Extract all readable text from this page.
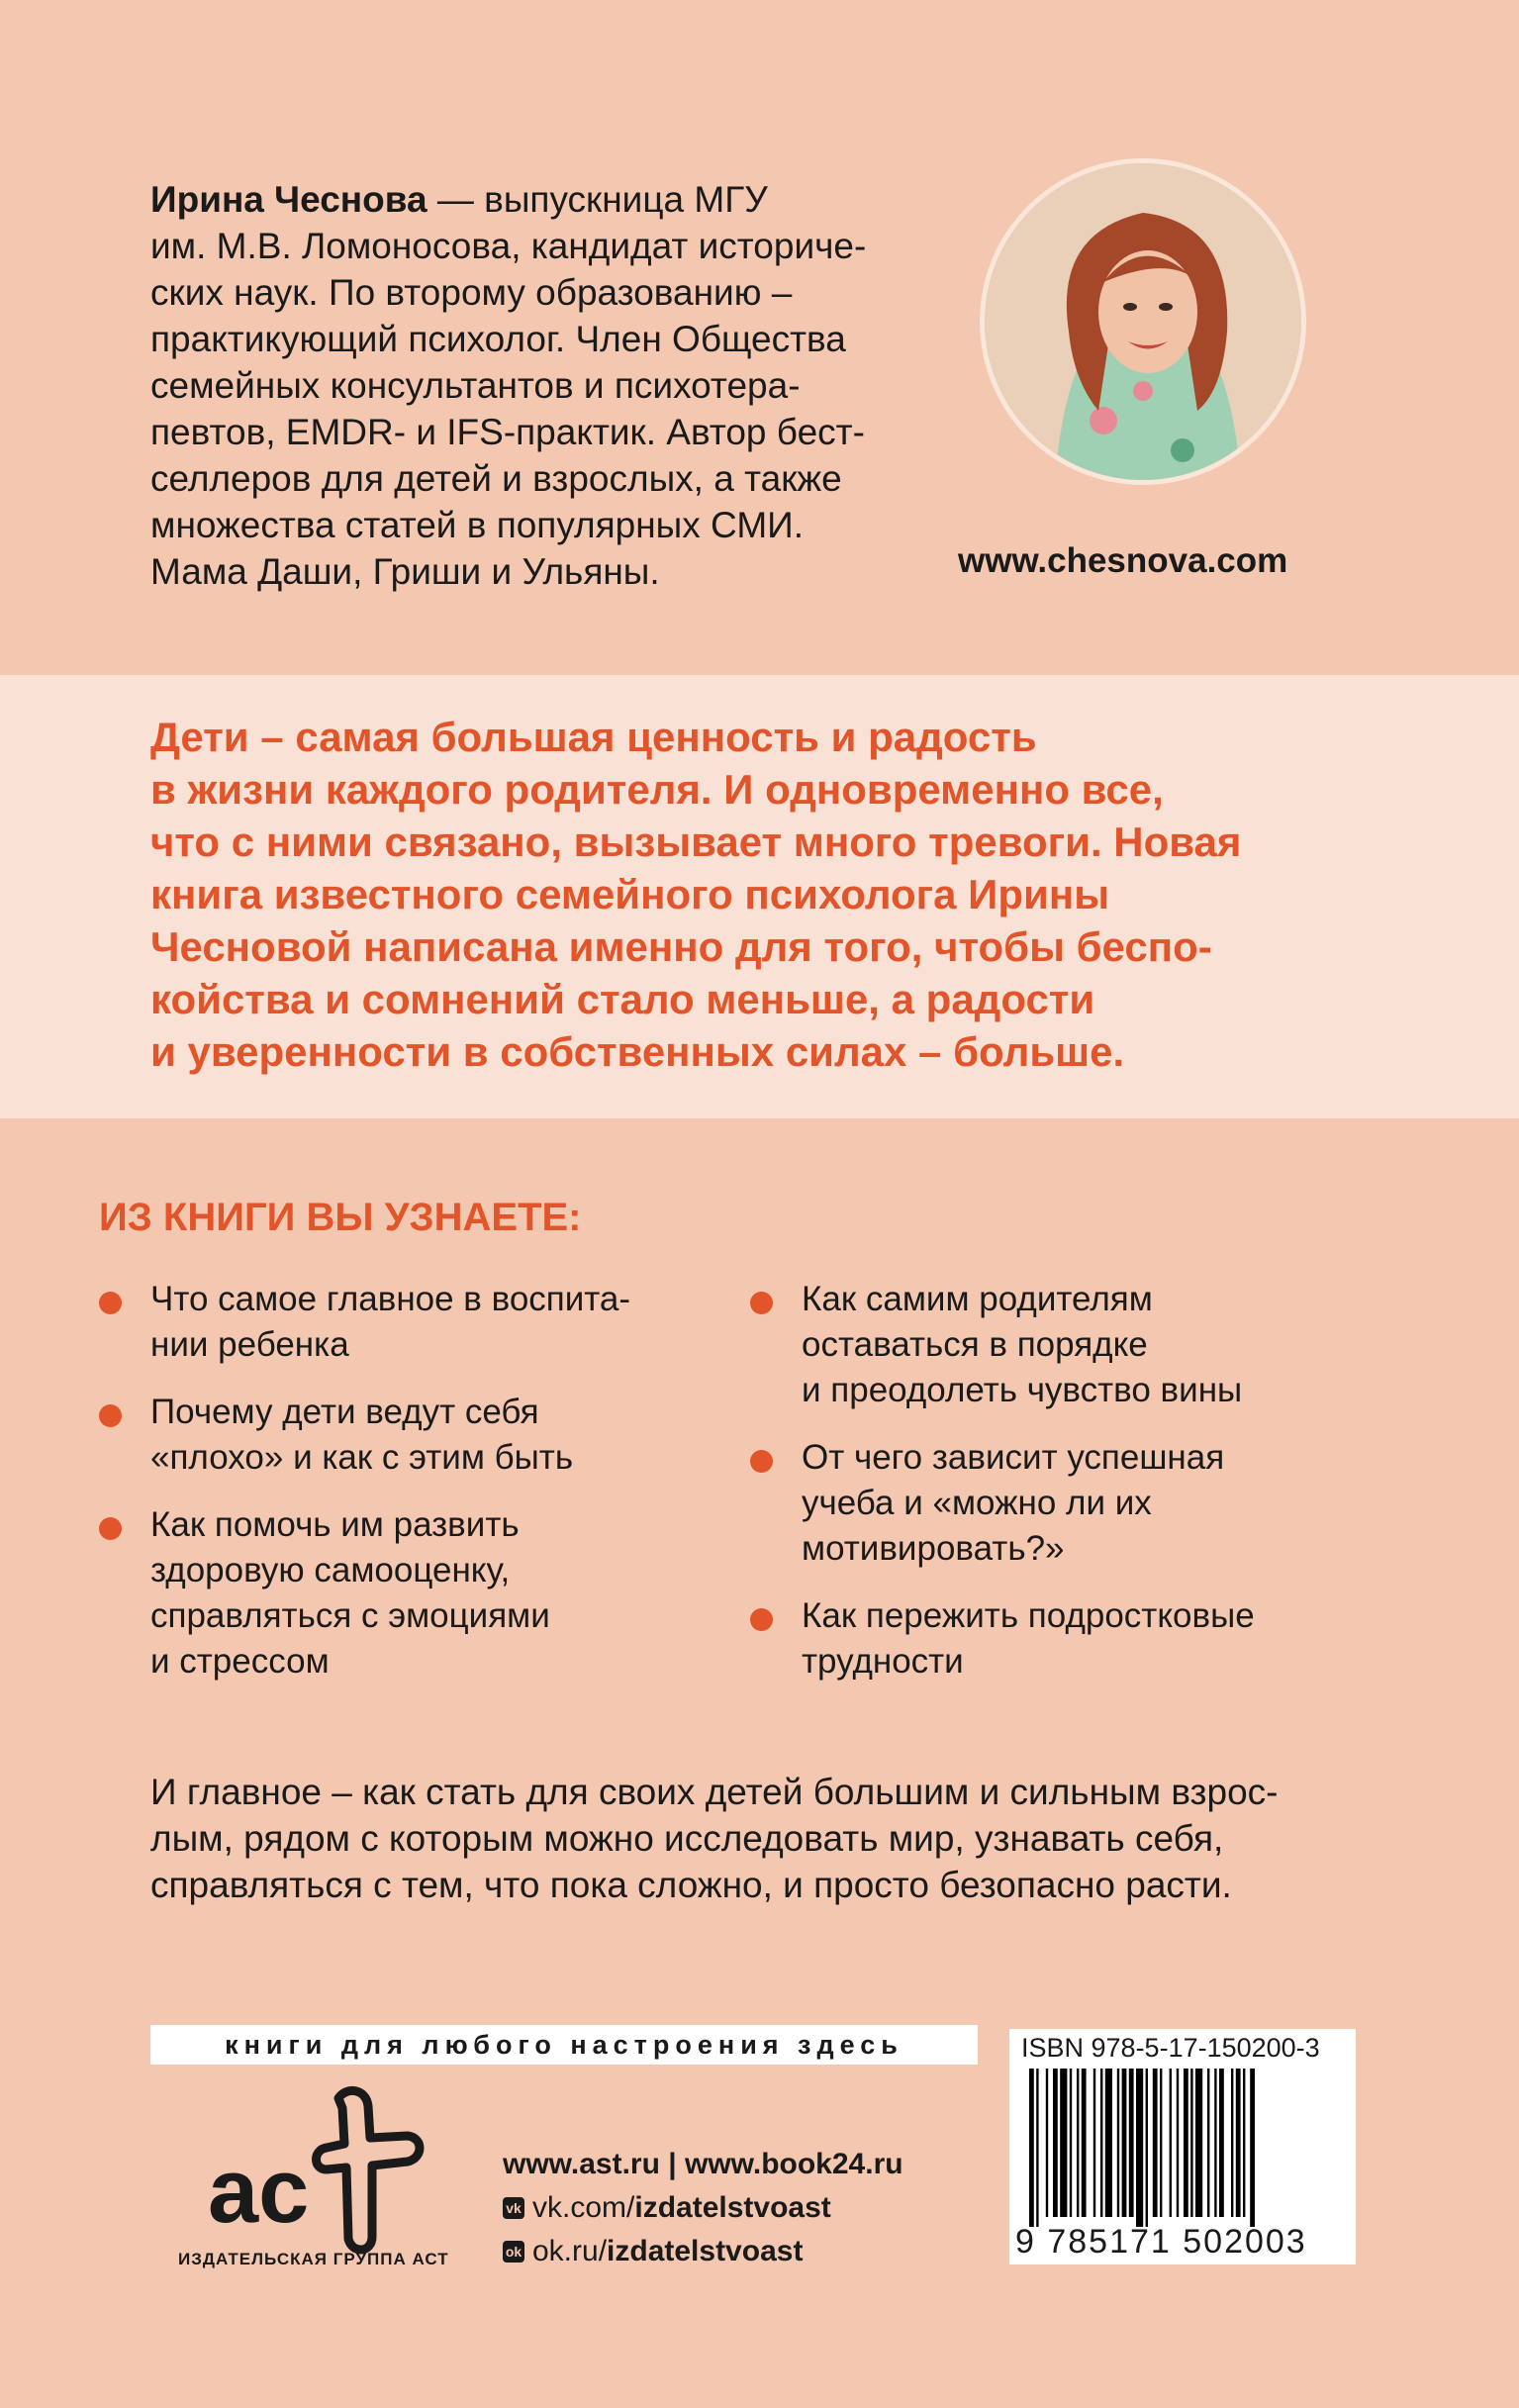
Ирина Чеснова — выпускница МГУ
им. М.В. Ломоносова, кандидат историче-
ских наук. По второму образованию –
практикующий психолог. Член Общества
семейных консультантов и психотера-
певтов, EMDR- и IFS-практик. Автор бест-
селлеров для детей и взрослых, а также
множества статей в популярных СМИ.
Мама Даши, Гриши и Ульяны.	www.chesnova.com
Дети – самая большая ценность и радость
в жизни каждого родителя. И одновременно все,
что с ними связано, вызывает много тревоги. Новая
книга известного семейного психолога Ирины
Чесновой написана именно для того, чтобы беспо-
койства и сомнений стало меньше, а радости
и уверенности в собственных силах – больше.
ИЗ КНИГИ ВЫ УЗНАЕТЕ:
Что самое главное в воспита-
нии ребенка
Почему дети ведут себя
«плохо» и как с этим быть
Как помочь им развить
здоровую самооценку,
справляться с эмоциями
и стрессом
Как самим родителям
оставаться в порядке
и преодолеть чувство вины
От чего зависит успешная
учеба и «можно ли их
мотивировать?»
Как пережить подростковые
трудности
И главное – как стать для своих детей большим и сильным взрос-
лым, рядом с которым можно исследовать мир, узнавать себя,
справляться с тем, что пока сложно, и просто безопасно расти.
книги для любого настроения здесь
ac
ИЗДАТЕЛЬСКАЯ ГРУППА АСТ
www.ast.ru | www.book24.ru
vk vk.com/izdatelstvoast
ok ok.ru/izdatelstvoast
ISBN 978-5-17-150200-3
9 785171 502003
